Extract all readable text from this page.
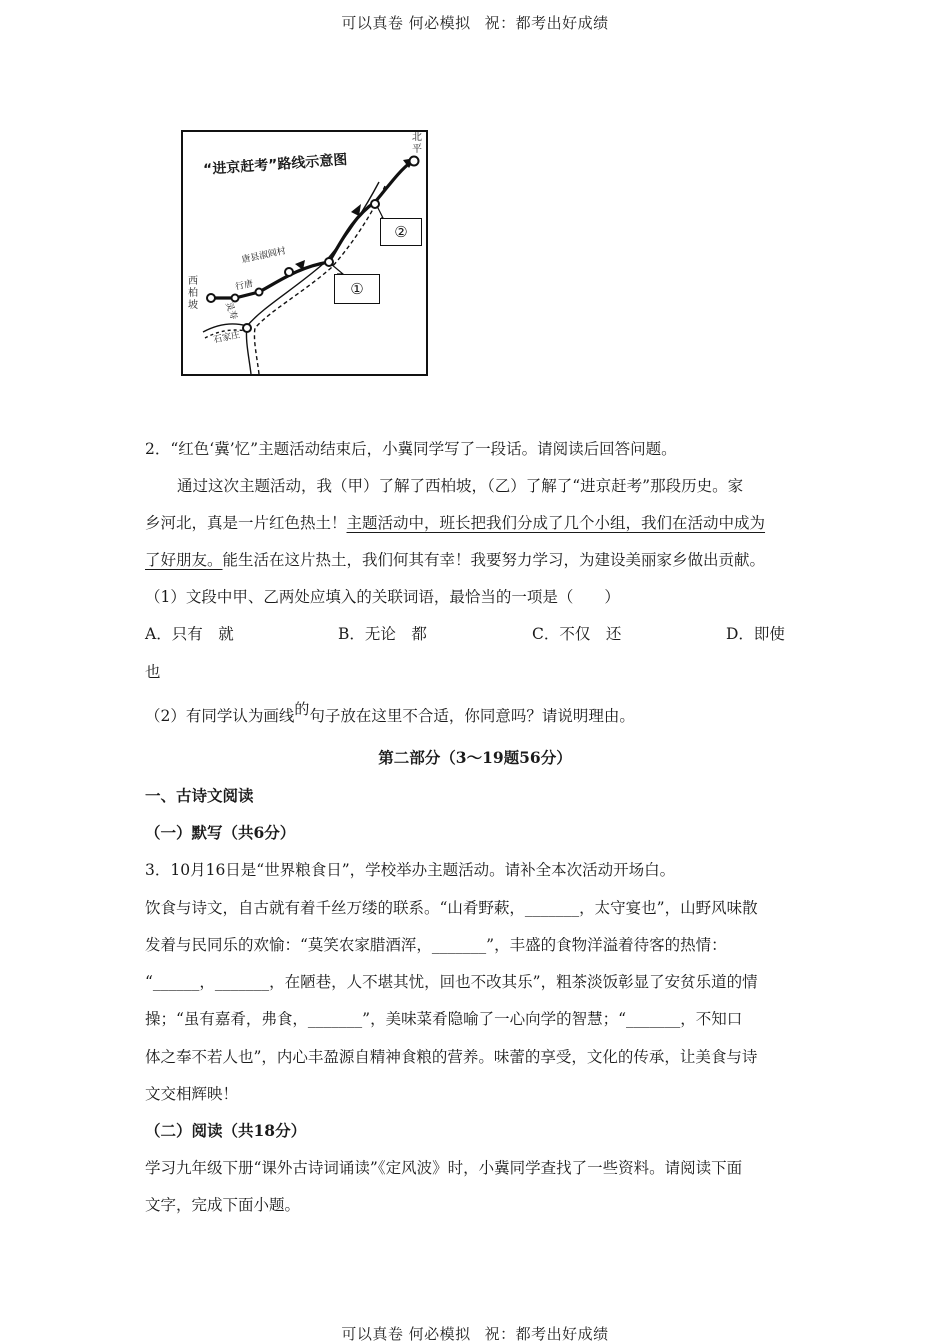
可以真卷 何必模拟 祝：都考出好成绩
“进京赶考”路线示意图
北平
西柏坡
行唐
灵寿
唐县淑闾村
石家庄
①
②
2．“红色‘冀’忆”主题活动结束后，小冀同学写了一段话。请阅读后回答问题。
通过这次主题活动，我（甲）了解了西柏坡，（乙）了解了“进京赶考”那段历史。家
乡河北，真是一片红色热土！主题活动中，班长把我们分成了几个小组，我们在活动中成为
了好朋友。能生活在这片热土，我们何其有幸！我要努力学习，为建设美丽家乡做出贡献。
（1）文段中甲、乙两处应填入的关联词语，最恰当的一项是（　　）
A．只有　就	B．无论　都	C．不仅　还	D．即使
也
（2）有同学认为画线的句子放在这里不合适，你同意吗？请说明理由。
第二部分（3～19题56分）
一、古诗文阅读
（一）默写（共6分）
3．10月16日是“世界粮食日”，学校举办主题活动。请补全本次活动开场白。
饮食与诗文，自古就有着千丝万缕的联系。“山肴野蔌，_______，太守宴也”，山野风味散
发着与民同乐的欢愉：“莫笑农家腊酒浑，_______”，丰盛的食物洋溢着待客的热情：
“______，_______，在陋巷，人不堪其忧，回也不改其乐”，粗茶淡饭彰显了安贫乐道的情
操；“虽有嘉肴，弗食，_______”，美味菜肴隐喻了一心向学的智慧；“_______，不知口
体之奉不若人也”，内心丰盈源自精神食粮的营养。味蕾的享受，文化的传承，让美食与诗
文交相辉映！
（二）阅读（共18分）
学习九年级下册“课外古诗词诵读”《定风波》时，小冀同学查找了一些资料。请阅读下面
文字，完成下面小题。
可以真卷 何必模拟 祝：都考出好成绩
